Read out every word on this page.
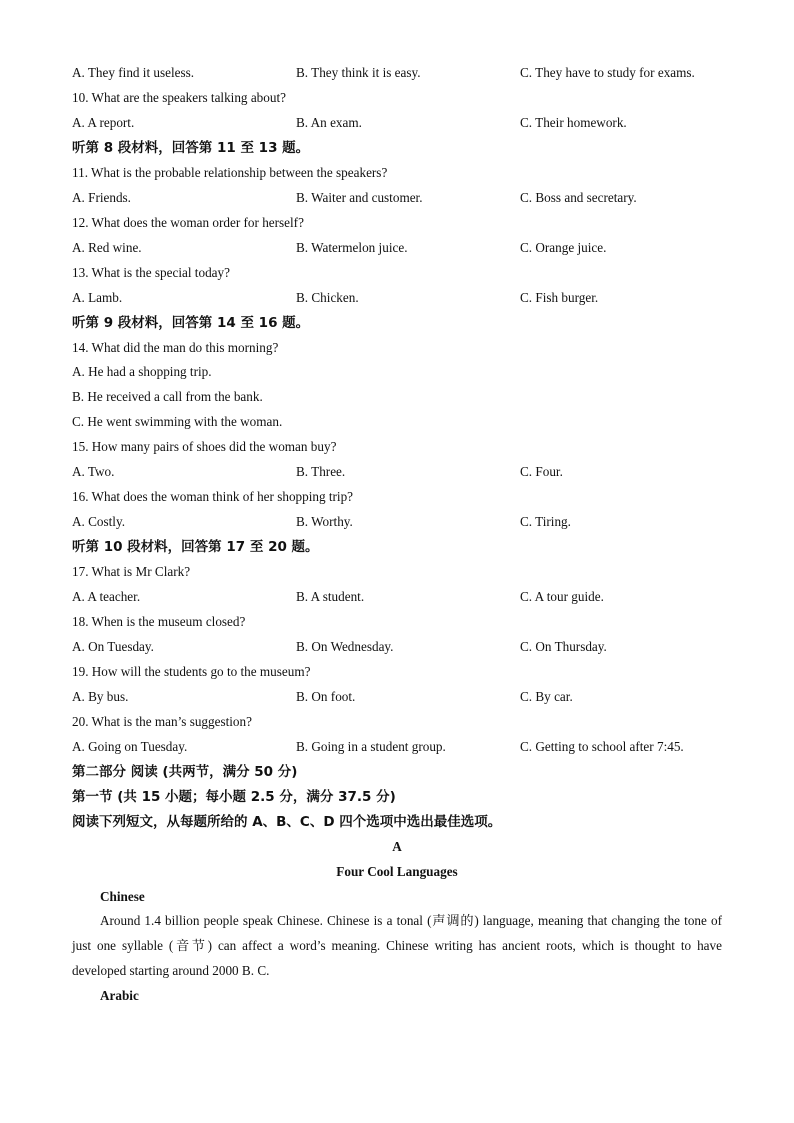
A. They find it useless.	B. They think it is easy.	C. They have to study for exams.
10. What are the speakers talking about?
A. A report.	B. An exam.	C. Their homework.
听第 8 段材料，回答第 11 至 13 题。
11. What is the probable relationship between the speakers?
A. Friends.	B. Waiter and customer.	C. Boss and secretary.
12. What does the woman order for herself?
A. Red wine.	B. Watermelon juice.	C. Orange juice.
13. What is the special today?
A. Lamb.	B. Chicken.	C. Fish burger.
听第 9 段材料，回答第 14 至 16 题。
14. What did the man do this morning?
A. He had a shopping trip.
B. He received a call from the bank.
C. He went swimming with the woman.
15. How many pairs of shoes did the woman buy?
A. Two.	B. Three.	C. Four.
16. What does the woman think of her shopping trip?
A. Costly.	B. Worthy.	C. Tiring.
听第 10 段材料，回答第 17 至 20 题。
17. What is Mr Clark?
A. A teacher.	B. A student.	C. A tour guide.
18. When is the museum closed?
A. On Tuesday.	B. On Wednesday.	C. On Thursday.
19. How will the students go to the museum?
A. By bus.	B. On foot.	C. By car.
20. What is the man’s suggestion?
A. Going on Tuesday.	B. Going in a student group.	C. Getting to school after 7:45.
第二部分 阅读 (共两节，满分 50 分)
第一节 (共 15 小题；每小题 2.5 分，满分 37.5 分)
阅读下列短文，从每题所给的 A、B、C、D 四个选项中选出最佳选项。
A
Four Cool Languages
Chinese
Around 1.4 billion people speak Chinese. Chinese is a tonal (声调的) language, meaning that changing the tone of just one syllable (音节) can affect a word’s meaning. Chinese writing has ancient roots, which is thought to have developed starting around 2000 B. C.
Arabic
